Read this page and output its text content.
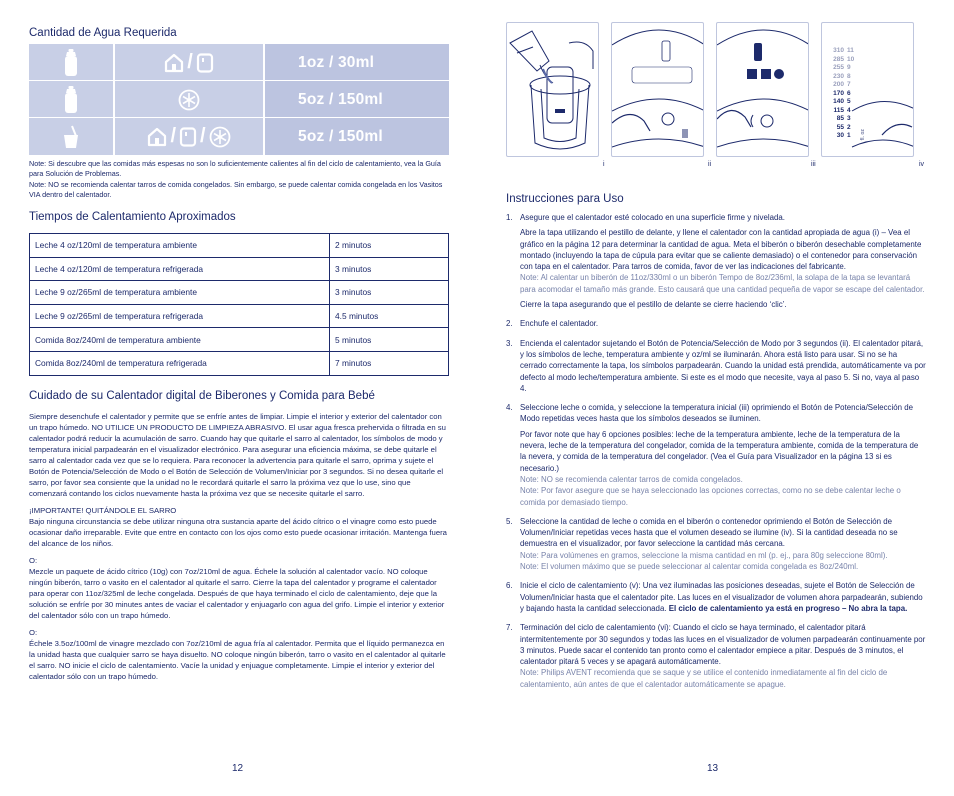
Cantidad de Agua Requerida
/	1oz / 30ml
5oz / 150ml
/ /	5oz / 150ml
Note: Si descubre que las comidas más espesas no son lo suficientemente calientes al fin del ciclo de calentamiento, vea la Guía para Solución de Problemas.
Note: NO se recomienda calentar tarros de comida congelados. Sin embargo, se puede calentar comida congelada en los Vasitos VIA dentro del calentador.
Tiempos de Calentamiento Aproximados
Leche 4 oz/120ml de temperatura ambiente	2 minutos
Leche 4 oz/120ml de temperatura refrigerada	3 minutos
Leche 9 oz/265ml de temperatura ambiente	3 minutos
Leche 9 oz/265ml de temperatura refrigerada	4.5 minutos
Comida 8oz/240ml de temperatura ambiente	5 minutos
Comida 8oz/240ml de temperatura refrigerada	7 minutos
Cuidado de su Calentador digital de Biberones y Comida para Bebé

Siempre desenchufe el calentador y permite que se enfríe antes de limpiar. Limpie el interior y exterior del calentador con un trapo húmedo. NO UTILICE UN PRODUCTO DE LIMPIEZA ABRASIVO. El usar agua fresca prehervida o filtrada en su calentador podrá reducir la acumulación de sarro. Cuando hay que quitarle el sarro al calentador, los símbolos de modo y temperatura inicial parpadearán en el visualizador electrónico. Para asegurar una eficiencia máxima, se debe quitarle el sarro al calentador cada vez que se lo requiera. Para reconocer la advertencia para quitarle el sarro, oprima y sujete el Botón de Potencia/Selección de Modo o el Botón de Selección de Volumen/Iniciar por 3 segundos. Si no desea quitarle el sarro, por favor sea consiente que la unidad no le recordará quitarle el sarro la próxima vez que lo use, sino que comenzará contando los ciclos nuevamente hasta la próxima vez que se necesite quitarle el sarro.

¡IMPORTANTE! QUITÁNDOLE EL SARRO

Bajo ninguna circunstancia se debe utilizar ninguna otra sustancia aparte del ácido cítrico o el vinagre como esto puede ocasionar daño irreparable. Evite que entre en contacto con los ojos como esto puede ocasionar irritación. Mantenga fuera del alcance de los niños.

O:

Mezcle un paquete de ácido cítrico (10g) con 7oz/210ml de agua. Échele la solución al calentador vacío. NO coloque ningún biberón, tarro o vasito en el calentador al quitarle el sarro. Cierre la tapa del calentador y programe el calentador para operar con 11oz/325ml de leche congelada. Después de que haya terminado el ciclo de calentamiento, deje que la solución se enfríe por 30 minutes antes de vaciar el calentador y enjuagarlo con agua del grifo. Limpie el interior y exterior del calentador sólo con un trapo húmedo.

O:

Échele 3.5oz/100ml de vinagre mezclado con 7oz/210ml de agua fría al calentador. Permita que el líquido permanezca en la unidad hasta que cualquier sarro se haya disuelto. NO coloque ningún biberón, tarro o vasito en el calentador al quitarle el sarro. NO inicie el ciclo de calentamiento. Vacíe la unidad y enjuague completamente. Limpie el interior y exterior del calentador sólo con un trapo húmedo.

12
i	ii	iii
310
285
255
230
200
170
140
115
85
55
30
11
10
9
8
7
6
5
4
3
2
1	fl. oz
iv
Instrucciones para Uso
1. Asegure que el calentador esté colocado en una superficie firme y nivelada.

Abre la tapa utilizando el pestillo de delante, y llene el calentador con la cantidad apropiada de agua (i) – Vea el gráfico en la página 12 para determinar la cantidad de agua. Meta el biberón o biberón desechable completamente montado (incluyendo la tapa de cúpula para evitar que se caliente demasiado) o el contenedor para conservación con tapa en el calentador. Para tarros de comida, favor de ver las indicaciones del fabricante.

Note: Al calentar un biberón de 11oz/330ml o un biberón Tempo de 8oz/236ml, la solapa de la tapa se levantará para acomodar el tamaño más grande. Esto causará que una cantidad pequeña de vapor se escape del calentador.

Cierre la tapa asegurando que el pestillo de delante se cierre haciendo ‘clic’.

2. Enchufe el calentador.

3. Encienda el calentador sujetando el Botón de Potencia/Selección de Modo por 3 segundos (ii). El calentador pitará, y los símbolos de leche, temperatura ambiente y oz/ml se iluminarán. Ahora está listo para usar. Si no se ha cerrado correctamente la tapa, los símbolos parpadearán. Cuando la unidad está prendida, automáticamente va por defecto al modo leche/temperatura ambiente. Si este es el modo que necesite, vaya al paso 5. Si no, vaya al paso 4.

4. Seleccione leche o comida, y seleccione la temperatura inicial (iii) oprimiendo el Botón de Potencia/Selección de Modo repetidas veces hasta que los símbolos deseados se iluminen.

Por favor note que hay 6 opciones posibles: leche de la temperatura ambiente, leche de la temperatura de la nevera, leche de la temperatura del congelador, comida de la temperatura ambiente, comida de la temperatura de la nevera, y comida de la temperatura del congelador. (Vea el Guía para Visualizador en la página 13 si es necesario.)

Note: NO se recomienda calentar tarros de comida congelados.

Note: Por favor asegure que se haya seleccionado las opciones correctas, como no se debe calentar leche o comida por demasiado tiempo.

5. Seleccione la cantidad de leche o comida en el biberón o contenedor oprimiendo el Botón de Selección de Volumen/Iniciar repetidas veces hasta que el volumen deseado se ilumine (iv). Si la cantidad deseada no se demuestra en el visualizador, por favor seleccione la cantidad más cercana.

Note: Para volúmenes en gramos, seleccione la misma cantidad en ml (p. ej., para 80g seleccione 80ml).

Note: El volumen máximo que se puede seleccionar al calentar comida congelada es 8oz/240ml.

6. Inicie el ciclo de calentamiento (v): Una vez iluminadas las posiciones deseadas, sujete el Botón de Selección de Volumen/Iniciar hasta que el calentador pite. Las luces en el visualizador de volumen ahora parpadearán, subiendo y bajando hasta la cantidad seleccionada. El ciclo de calentamiento ya está en progreso – No abra la tapa.

7. Terminación del ciclo de calentamiento (vi): Cuando el ciclo se haya terminado, el calentador pitará intermitentemente por 30 segundos y todas las luces en el visualizador de volumen parpadearán continuamente por 3 minutos. Puede sacar el contenido tan pronto como el calentador empiece a pitar. Después de 3 minutos, el calentador pitará 5 veces y se apagará automáticamente.

Note: Philips AVENT recomienda que se saque y se utilice el contenido inmediatamente al fin del ciclo de calentamiento, aún antes de que el calentador automáticamente se apague.

13
